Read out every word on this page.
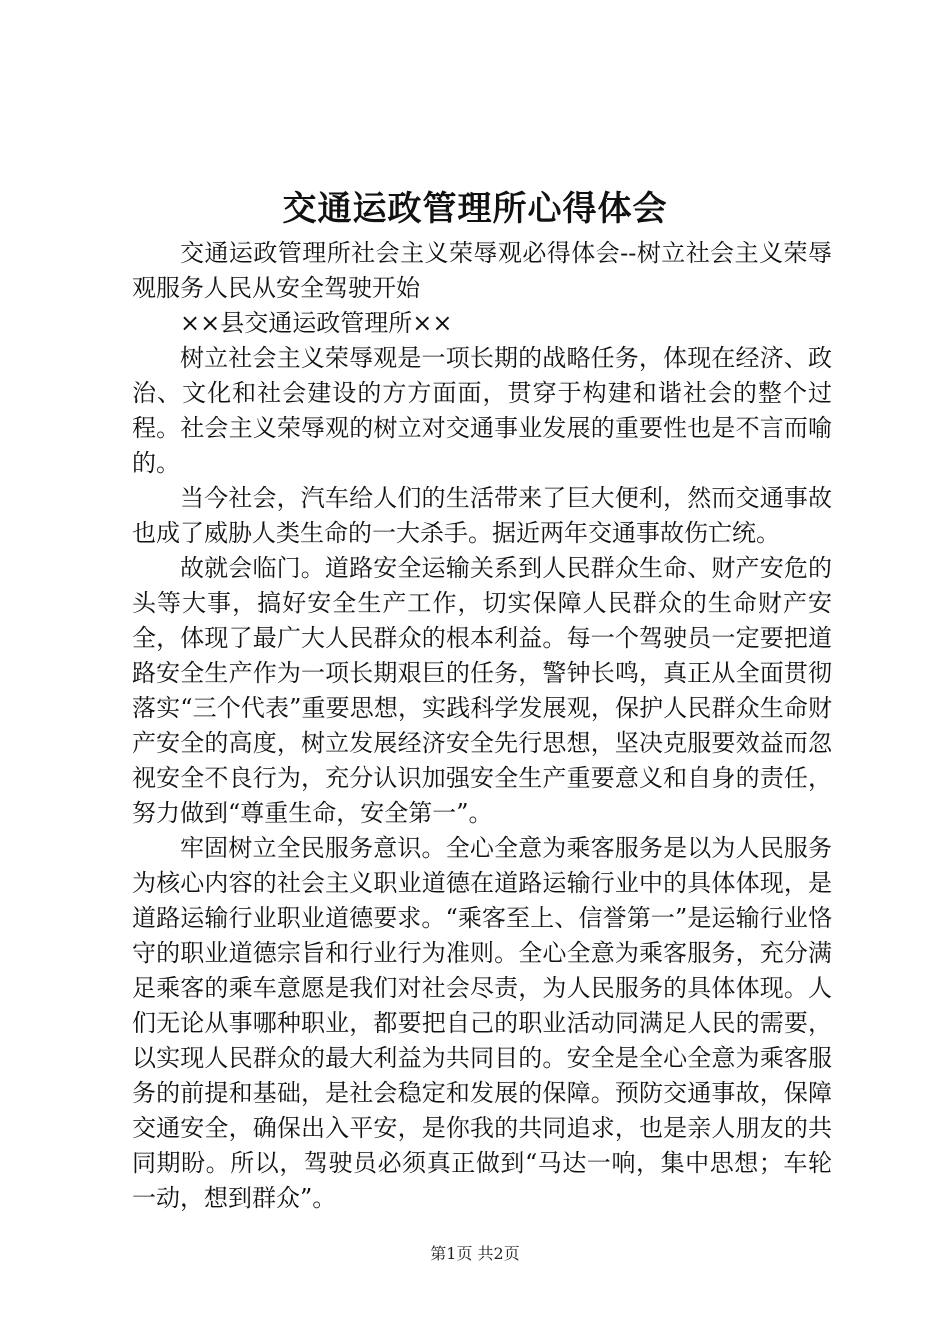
交通运政管理所心得体会

交通运政管理所社会主义荣辱观必得体会--树立社会主义荣辱观服务人民从安全驾驶开始

××县交通运政管理所××

树立社会主义荣辱观是一项长期的战略任务，体现在经济、政治、文化和社会建设的方方面面，贯穿于构建和谐社会的整个过程。社会主义荣辱观的树立对交通事业发展的重要性也是不言而喻的。

当今社会，汽车给人们的生活带来了巨大便利，然而交通事故也成了威胁人类生命的一大杀手。据近两年交通事故伤亡统。

故就会临门。道路安全运输关系到人民群众生命、财产安危的头等大事，搞好安全生产工作，切实保障人民群众的生命财产安全，体现了最广大人民群众的根本利益。每一个驾驶员一定要把道路安全生产作为一项长期艰巨的任务，警钟长鸣，真正从全面贯彻落实“三个代表”重要思想，实践科学发展观，保护人民群众生命财产安全的高度，树立发展经济安全先行思想，坚决克服要效益而忽视安全不良行为，充分认识加强安全生产重要意义和自身的责任，努力做到“尊重生命，安全第一”。

牢固树立全民服务意识。全心全意为乘客服务是以为人民服务为核心内容的社会主义职业道德在道路运输行业中的具体体现，是道路运输行业职业道德要求。“乘客至上、信誉第一”是运输行业恪守的职业道德宗旨和行业行为准则。全心全意为乘客服务，充分满足乘客的乘车意愿是我们对社会尽责，为人民服务的具体体现。人们无论从事哪种职业，都要把自己的职业活动同满足人民的需要，以实现人民群众的最大利益为共同目的。安全是全心全意为乘客服务的前提和基础，是社会稳定和发展的保障。预防交通事故，保障交通安全，确保出入平安，是你我的共同追求，也是亲人朋友的共同期盼。所以，驾驶员必须真正做到“马达一响，集中思想；车轮一动，想到群众”。

第1页 共2页
